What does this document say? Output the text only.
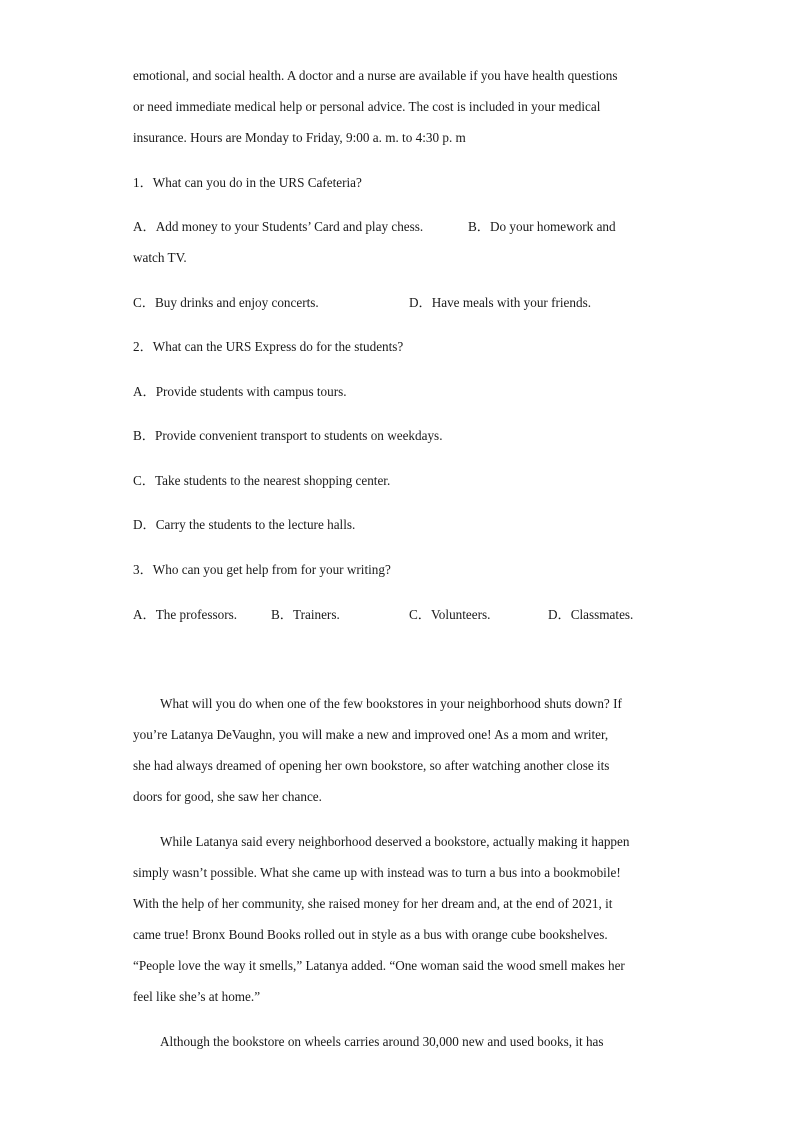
emotional, and social health. A doctor and a nurse are available if you have health questions
or need immediate medical help or personal advice. The cost is included in your medical
insurance. Hours are Monday to Friday, 9:00 a. m. to 4:30 p. m
1．What can you do in the URS Cafeteria?
A．Add money to your Students’ Card and play chess.	B．Do your homework and
watch TV.
C．Buy drinks and enjoy concerts.	D．Have meals with your friends.
2．What can the URS Express do for the students?
A．Provide students with campus tours.
B．Provide convenient transport to students on weekdays.
C．Take students to the nearest shopping center.
D．Carry the students to the lecture halls.
3．Who can you get help from for your writing?
A．The professors.	B．Trainers.	C．Volunteers.	D．Classmates.
What will you do when one of the few bookstores in your neighborhood shuts down? If
you’re Latanya DeVaughn, you will make a new and improved one! As a mom and writer,
she had always dreamed of opening her own bookstore, so after watching another close its
doors for good, she saw her chance.
While Latanya said every neighborhood deserved a bookstore, actually making it happen
simply wasn’t possible. What she came up with instead was to turn a bus into a bookmobile!
With the help of her community, she raised money for her dream and, at the end of 2021, it
came true! Bronx Bound Books rolled out in style as a bus with orange cube bookshelves.
“People love the way it smells,” Latanya added. “One woman said the wood smell makes her
feel like she’s at home.”
Although the bookstore on wheels carries around 30,000 new and used books, it has
